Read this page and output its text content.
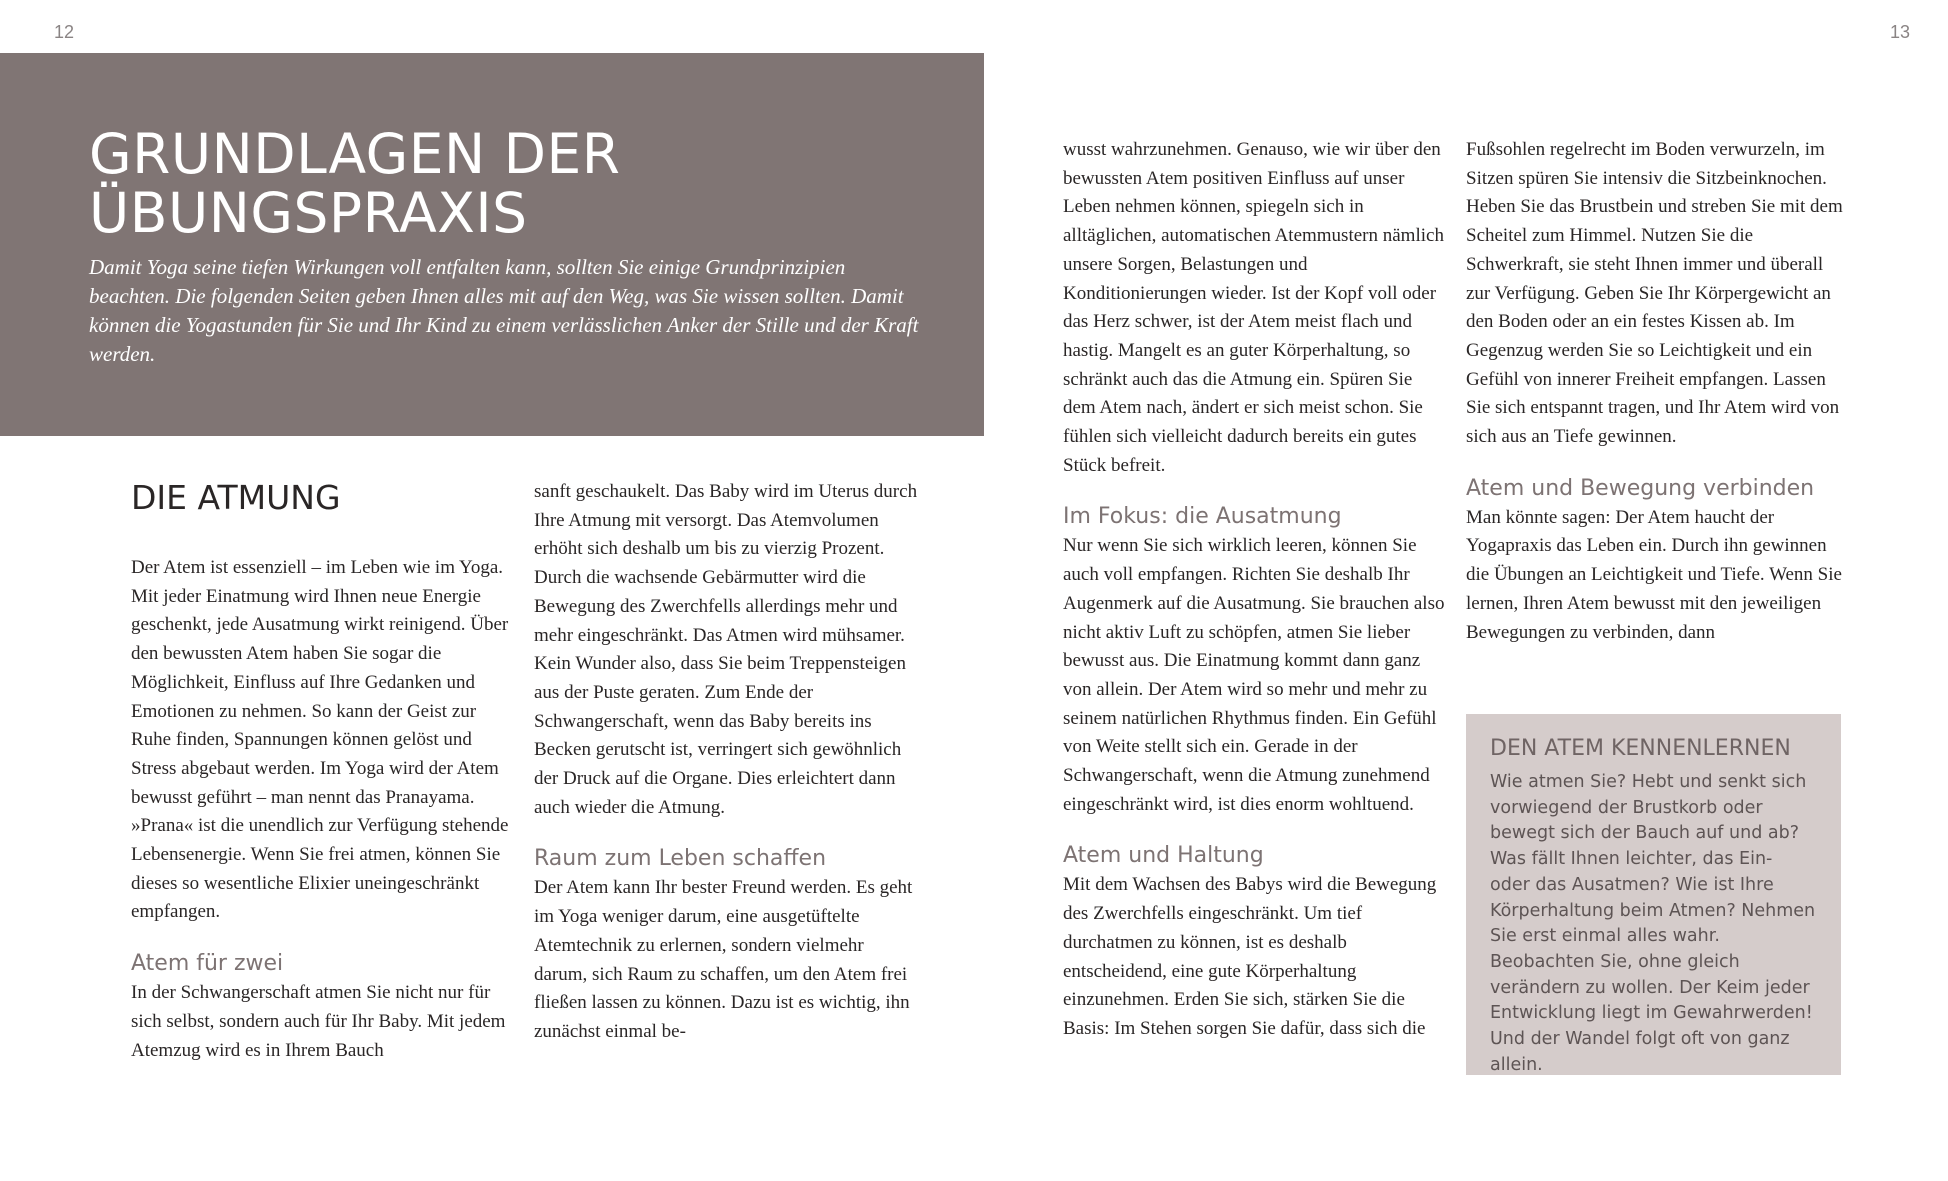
12	13
GRUNDLAGEN DER
ÜBUNGSPRAXIS

Damit Yoga seine tiefen Wirkungen voll entfalten kann, sollten Sie einige Grundprinzipien beachten. Die folgenden Seiten geben Ihnen alles mit auf den Weg, was Sie wissen sollten. Damit können die Yogastunden für Sie und Ihr Kind zu einem verlässlichen Anker der Stille und der Kraft werden.

DIE ATMUNG

Der Atem ist essenziell – im Leben wie im Yoga. Mit jeder Einatmung wird Ihnen neue Energie geschenkt, jede Ausatmung wirkt reinigend. Über den bewussten Atem haben Sie sogar die Möglichkeit, Einfluss auf Ihre Gedanken und Emotionen zu nehmen. So kann der Geist zur Ruhe finden, Spannungen können gelöst und Stress abgebaut werden. Im Yoga wird der Atem bewusst geführt – man nennt das Pranayama. »Prana« ist die unendlich zur Verfügung stehende Lebensenergie. Wenn Sie frei atmen, können Sie dieses so wesentliche Elixier uneingeschränkt empfangen.

Atem für zwei

In der Schwangerschaft atmen Sie nicht nur für sich selbst, sondern auch für Ihr Baby. Mit jedem Atemzug wird es in Ihrem Bauch

sanft geschaukelt. Das Baby wird im Uterus durch Ihre Atmung mit versorgt. Das Atemvolumen erhöht sich deshalb um bis zu vierzig Prozent. Durch die wachsende Gebärmutter wird die Bewegung des Zwerchfells allerdings mehr und mehr eingeschränkt. Das Atmen wird mühsamer. Kein Wunder also, dass Sie beim Treppensteigen aus der Puste geraten. Zum Ende der Schwangerschaft, wenn das Baby bereits ins Becken gerutscht ist, verringert sich gewöhnlich der Druck auf die Organe. Dies erleichtert dann auch wieder die Atmung.

Raum zum Leben schaffen

Der Atem kann Ihr bester Freund werden. Es geht im Yoga weniger darum, eine ausgetüftelte Atemtechnik zu erlernen, sondern vielmehr darum, sich Raum zu schaffen, um den Atem frei fließen lassen zu können. Dazu ist es wichtig, ihn zunächst einmal be-

wusst wahrzunehmen. Genauso, wie wir über den bewussten Atem positiven Einfluss auf unser Leben nehmen können, spiegeln sich in alltäglichen, automatischen Atemmustern nämlich unsere Sorgen, Belastungen und Konditionierungen wieder. Ist der Kopf voll oder das Herz schwer, ist der Atem meist flach und hastig. Mangelt es an guter Körperhaltung, so schränkt auch das die Atmung ein. Spüren Sie dem Atem nach, ändert er sich meist schon. Sie fühlen sich vielleicht dadurch bereits ein gutes Stück befreit.

Im Fokus: die Ausatmung

Nur wenn Sie sich wirklich leeren, können Sie auch voll empfangen. Richten Sie deshalb Ihr Augenmerk auf die Ausatmung. Sie brauchen also nicht aktiv Luft zu schöpfen, atmen Sie lieber bewusst aus. Die Einatmung kommt dann ganz von allein. Der Atem wird so mehr und mehr zu seinem natürlichen Rhythmus finden. Ein Gefühl von Weite stellt sich ein. Gerade in der Schwangerschaft, wenn die Atmung zunehmend eingeschränkt wird, ist dies enorm wohltuend.

Atem und Haltung

Mit dem Wachsen des Babys wird die Bewegung des Zwerchfells eingeschränkt. Um tief durchatmen zu können, ist es deshalb entscheidend, eine gute Körperhaltung einzunehmen. Erden Sie sich, stärken Sie die Basis: Im Stehen sorgen Sie dafür, dass sich die

Fußsohlen regelrecht im Boden verwurzeln, im Sitzen spüren Sie intensiv die Sitzbeinknochen. Heben Sie das Brustbein und streben Sie mit dem Scheitel zum Himmel. Nutzen Sie die Schwerkraft, sie steht Ihnen immer und überall zur Verfügung. Geben Sie Ihr Körpergewicht an den Boden oder an ein festes Kissen ab. Im Gegenzug werden Sie so Leichtigkeit und ein Gefühl von innerer Freiheit empfangen. Lassen Sie sich entspannt tragen, und Ihr Atem wird von sich aus an Tiefe gewinnen.

Atem und Bewegung verbinden

Man könnte sagen: Der Atem haucht der Yogapraxis das Leben ein. Durch ihn gewinnen die Übungen an Leichtigkeit und Tiefe. Wenn Sie lernen, Ihren Atem bewusst mit den jeweiligen Bewegungen zu verbinden, dann

DEN ATEM KENNENLERNEN

Wie atmen Sie? Hebt und senkt sich vorwiegend der Brustkorb oder bewegt sich der Bauch auf und ab? Was fällt Ihnen leichter, das Ein- oder das Ausatmen? Wie ist Ihre Körperhaltung beim Atmen? Nehmen Sie erst einmal alles wahr. Beobachten Sie, ohne gleich verändern zu wollen. Der Keim jeder Entwicklung liegt im Gewahrwerden! Und der Wandel folgt oft von ganz allein.
